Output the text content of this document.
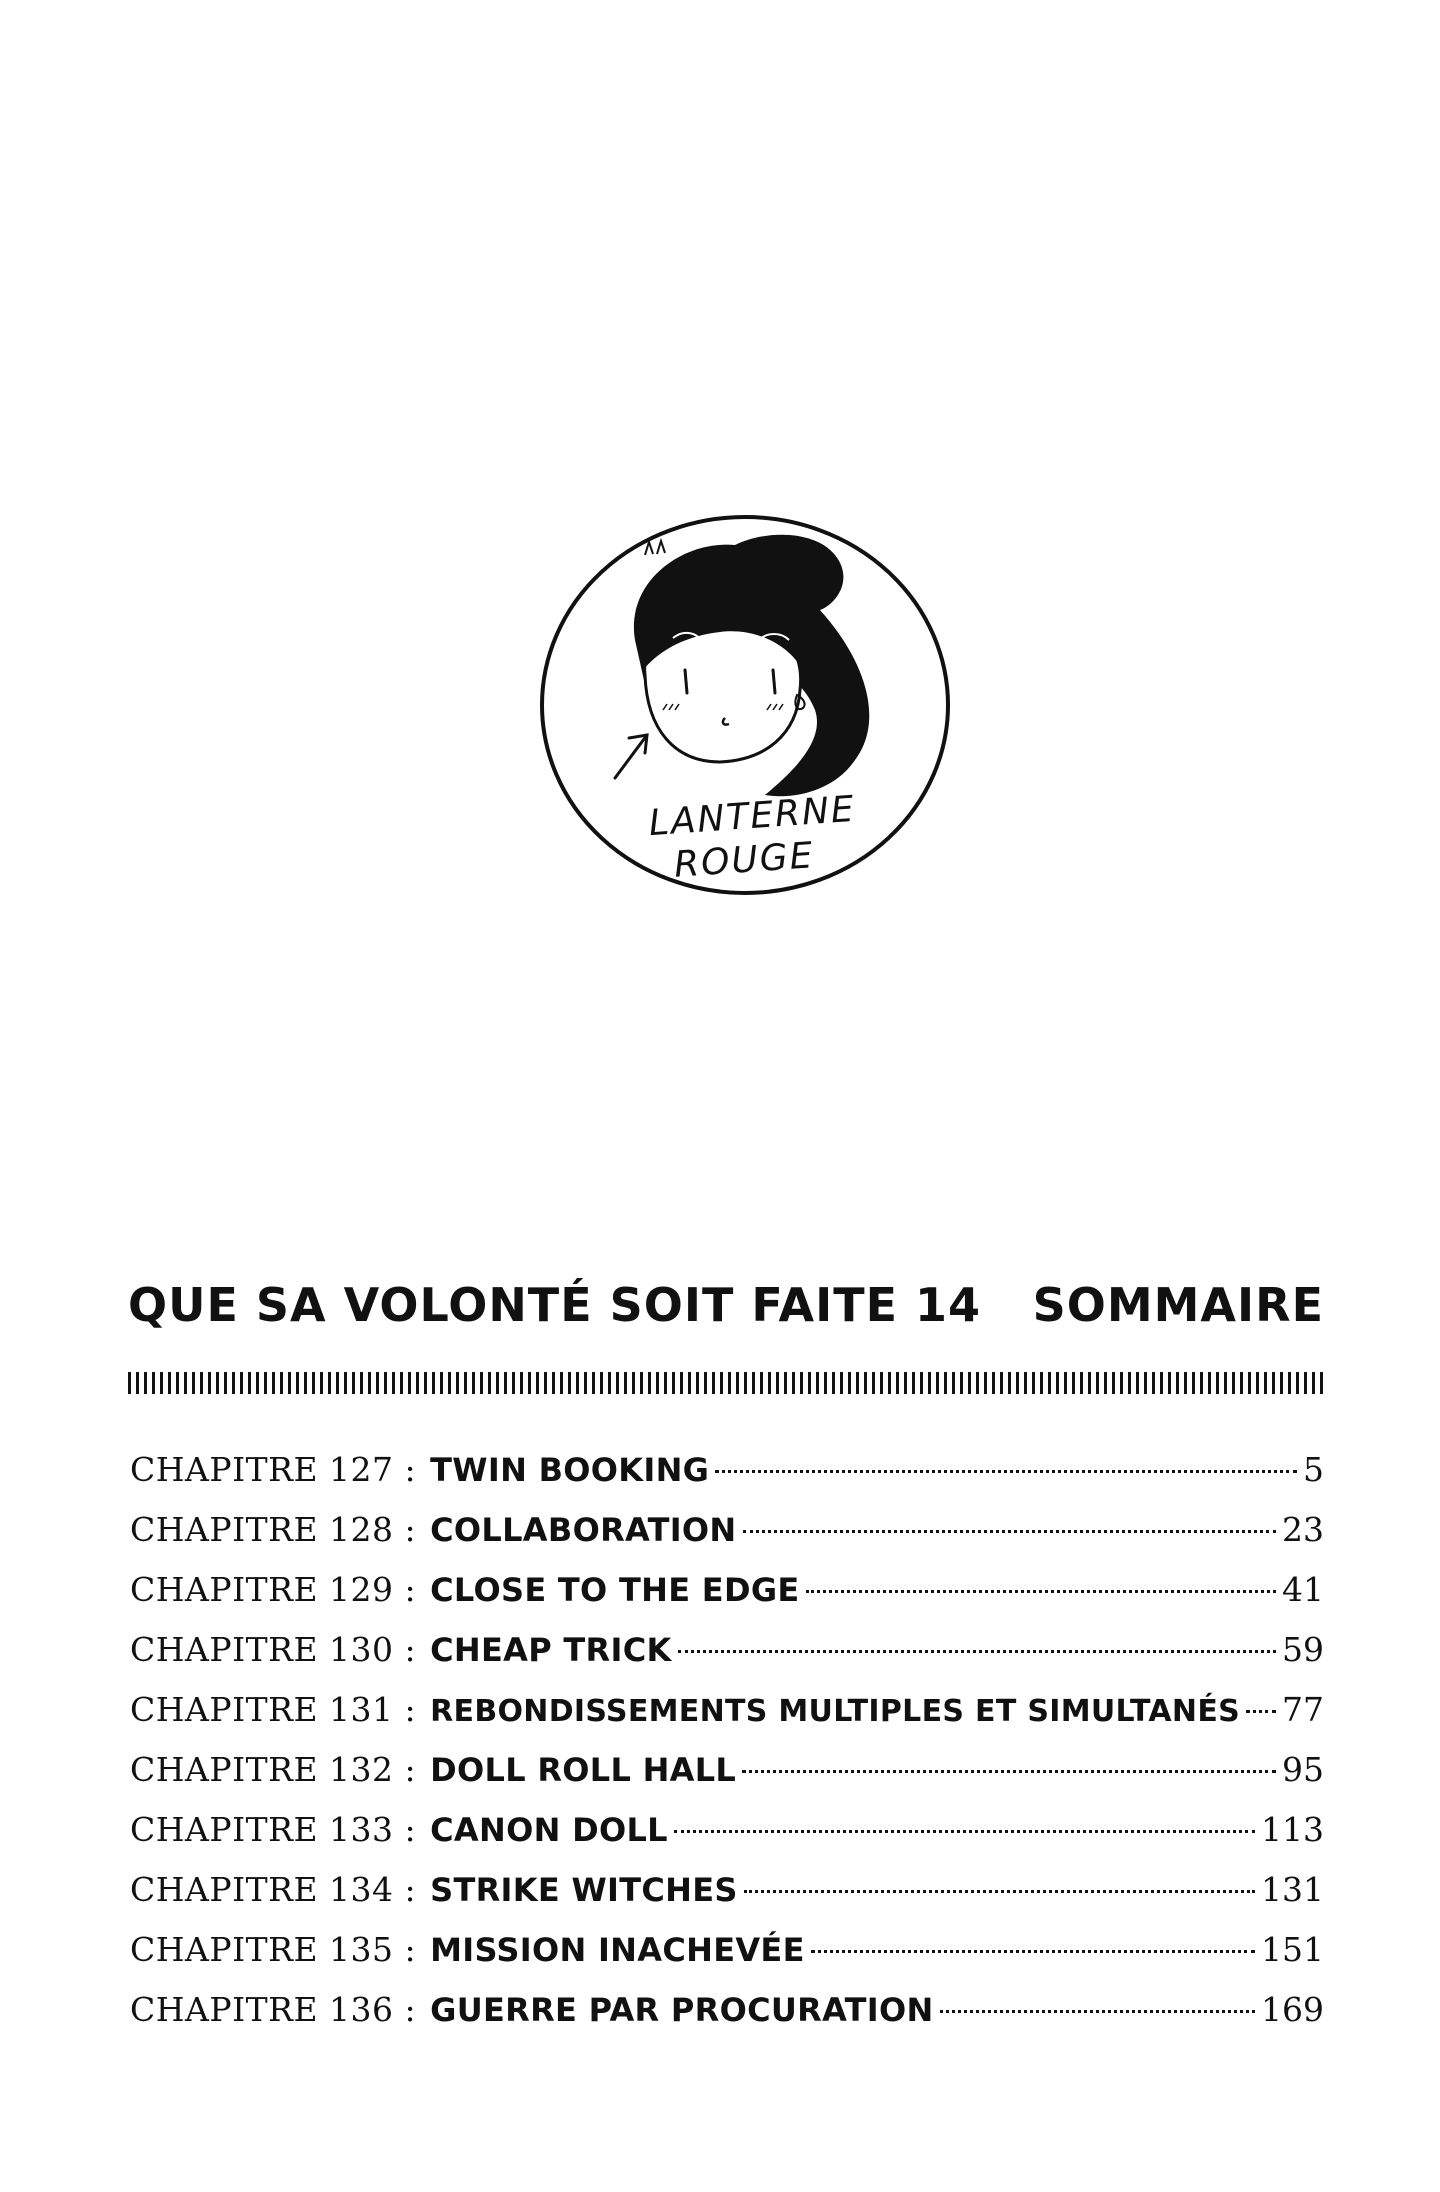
LANTERNE
ROUGE
QUE SA VOLONTÉ SOIT FAITE 14 SOMMAIRE
CHAPITRE 127 : TWIN BOOKING	5
CHAPITRE 128 : COLLABORATION	23
CHAPITRE 129 : CLOSE TO THE EDGE	41
CHAPITRE 130 : CHEAP TRICK	59
CHAPITRE 131 : REBONDISSEMENTS MULTIPLES ET SIMULTANÉS 77
CHAPITRE 132 : DOLL ROLL HALL	95
CHAPITRE 133 : CANON DOLL	113
CHAPITRE 134 : STRIKE WITCHES	131
CHAPITRE 135 : MISSION INACHEVÉE	151
CHAPITRE 136 : GUERRE PAR PROCURATION	169
